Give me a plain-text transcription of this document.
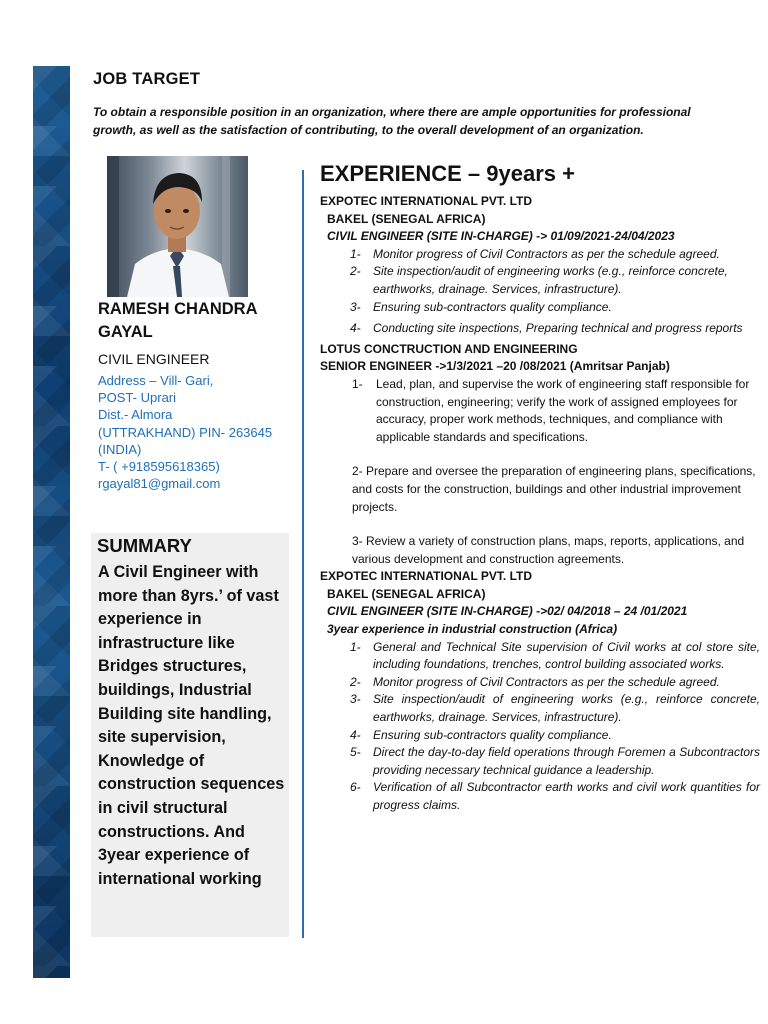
JOB TARGET
To obtain a responsible position in an organization, where there are ample opportunities for professional growth, as well as the satisfaction of contributing, to the overall development of an organization.
RAMESH CHANDRA
GAYAL
CIVIL ENGINEER
Address – Vill- Gari,
POST- Uprari
Dist.- Almora
(UTTRAKHAND) PIN- 263645
(INDIA)
T- ( +918595618365)
rgayal81@gmail.com
SUMMARY
A Civil Engineer with more than 8yrs.’ of vast experience in infrastructure like Bridges structures, buildings, Industrial Building site handling, site supervision, Knowledge of construction sequences in civil structural constructions. And 3year experience of international working
EXPERIENCE – 9years +
EXPOTEC INTERNATIONAL PVT. LTD
BAKEL (SENEGAL AFRICA)
CIVIL ENGINEER (SITE IN-CHARGE) -> 01/09/2021-24/04/2023
1- Monitor progress of Civil Contractors as per the schedule agreed.
2- Site inspection/audit of engineering works (e.g., reinforce concrete, earthworks, drainage. Services, infrastructure).
3- Ensuring sub-contractors quality compliance.
4- Conducting site inspections, Preparing technical and progress reports
LOTUS CONCTRUCTION AND ENGINEERING
SENIOR ENGINEER ->1/3/2021 –20 /08/2021 (Amritsar Panjab)
1- Lead, plan, and supervise the work of engineering staff responsible for construction, engineering; verify the work of assigned employees for accuracy, proper work methods, techniques, and compliance with applicable standards and specifications.
2- Prepare and oversee the preparation of engineering plans, specifications, and costs for the construction, buildings and other industrial improvement projects.
3- Review a variety of construction plans, maps, reports, applications, and various development and construction agreements.
EXPOTEC INTERNATIONAL PVT. LTD
BAKEL (SENEGAL AFRICA)
CIVIL ENGINEER (SITE IN-CHARGE) ->02/ 04/2018 – 24 /01/2021
3year experience in industrial construction (Africa)
1- General and Technical Site supervision of Civil works at col store site, including foundations, trenches, control building associated works.
2- Monitor progress of Civil Contractors as per the schedule agreed.
3- Site inspection/audit of engineering works (e.g., reinforce concrete, earthworks, drainage. Services, infrastructure).
4- Ensuring sub-contractors quality compliance.
5- Direct the day-to-day field operations through Foremen a Subcontractors providing necessary technical guidance a leadership.
6- Verification of all Subcontractor earth works and civil work quantities for progress claims.
